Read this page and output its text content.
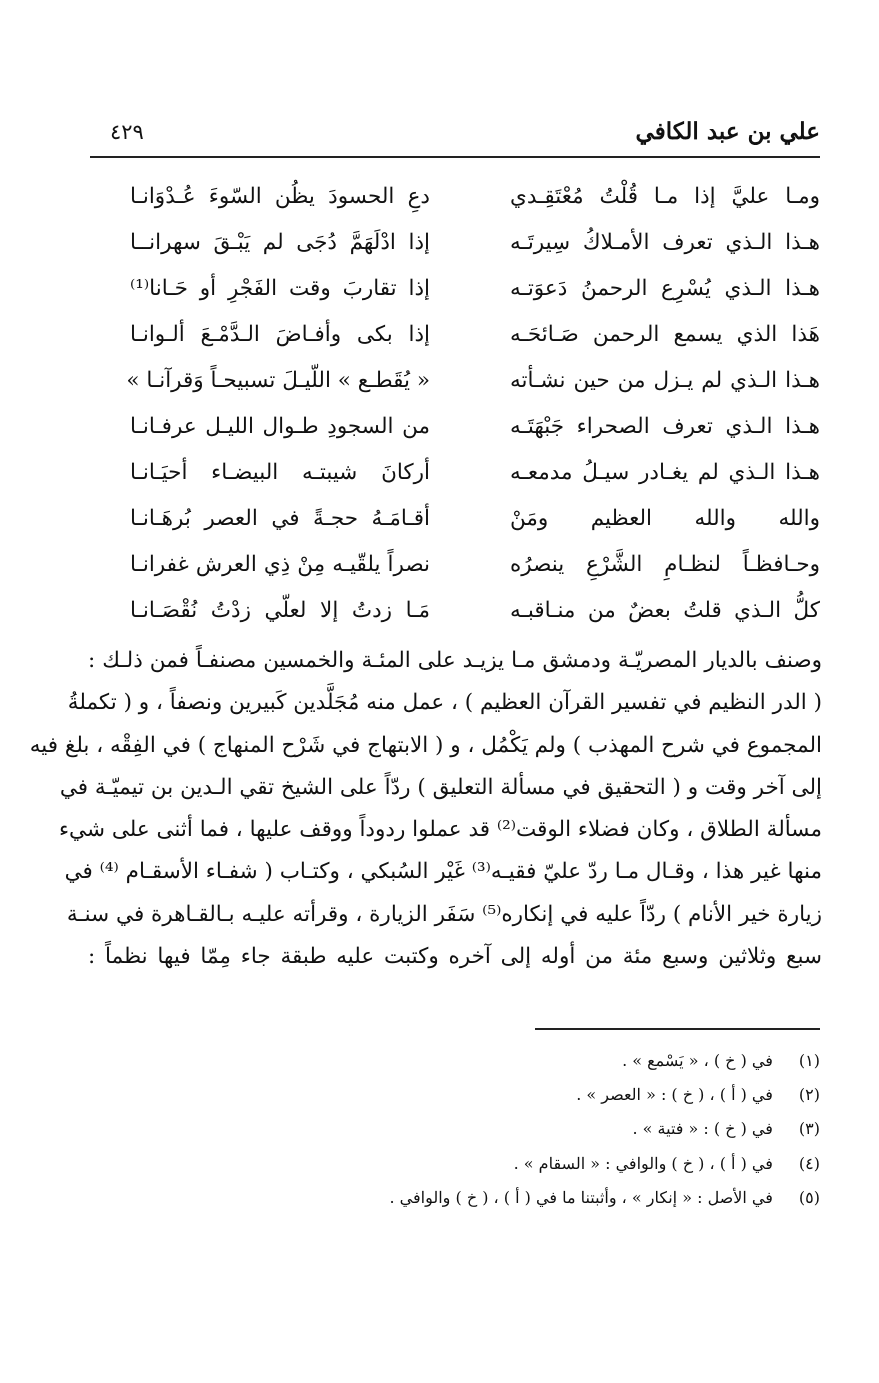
علي بن عبد الكافي
٤٢٩
ومـا عليَّ إذا مـا قُلْتُ مُعْتَقِـدي
دعِ الحسودَ يظُن السّوءَ عُـدْوَانـا
هـذا الـذي تعرف الأمـلاكُ سِيرتَـه
إذا ادْلَهَمَّ دُجَى لم يَبْـقَ سهرانــا
هـذا الـذي يُسْرِع الرحمنُ دَعوَتـه
إذا تقاربَ وقت الفَجْرِ أو حَـانا⁽¹⁾
هَذا الذي يسمع الرحمن صَـائحَـه
إذا بكى وأفـاضَ الـدَّمْـعَ ألـوانـا
هـذا الـذي لم يـزل من حين نشـأته
« يُقَطـع » اللّيـلَ تسبيحـاً وَقرآنـا »
هـذا الـذي تعرف الصحراء جَبْهَتَـه
من السجودِ طـوال الليـل عرفـانـا
هـذا الـذي لم يغـادر سيـلُ مدمعـه
أركانَ شيبتـه البيضـاء أحيَـانـا
والله والله العظيم ومَنْ
أقـامَـهُ حجـةً في العصر بُرهَـانـا
وحـافظـاً لنظـامِ الشَّرْعِ ينصرُه
نصراً يلقّيـه مِنْ ذِي العرش غفرانـا
كلُّ الـذي قلتُ بعضٌ من منـاقبـه
مَـا زدتُ إلا لعلّي زدْتُ نُقْصَـانـا
وصنف بالديار المصريّـة ودمشق مـا يزيـد على المئـة والخمسين مصنفـاً فمن ذلـك :
( الدر النظيم في تفسير القرآن العظيم ) ، عمل منه مُجَلَّدين كَبيرين ونصفاً ، و ( تكملةُ
المجموع في شرح المهذب ) ولم يَكْمُل ، و ( الابتهاج في شَرْح المنهاج ) في الفِقْه ، بلغ فيه
إلى آخر وقت و ( التحقيق في مسألة التعليق ) ردّاً على الشيخ تقي الـدين بن تيميّـة في
مسألة الطلاق ، وكان فضلاء الوقت⁽²⁾ قد عملوا ردوداً ووقف عليها ، فما أثنى على شيء
منها غير هذا ، وقـال مـا ردّ عليّ فقيـه⁽³⁾ غَيْر السُبكي ، وكتـاب ( شفـاء الأسقـام ⁽⁴⁾ في
زيارة خير الأنام ) ردّاً عليه في إنكاره⁽⁵⁾ سَفَر الزيارة ، وقرأته عليـه بـالقـاهرة في سنـة
سبع وثلاثين وسبع مئة من أوله إلى آخره وكتبت عليه طبقة جاء مِمّا فيها نظماً :
(١) في ( خ ) ، « يَسْمع » .
(٢) في ( أ ) ، ( خ ) : « العصر » .
(٣) في ( خ ) : « فتية » .
(٤) في ( أ ) ، ( خ ) والوافي : « السقام » .
(٥) في الأصل : « إنكار » ، وأثبتنا ما في ( أ ) ، ( خ ) والوافي .
